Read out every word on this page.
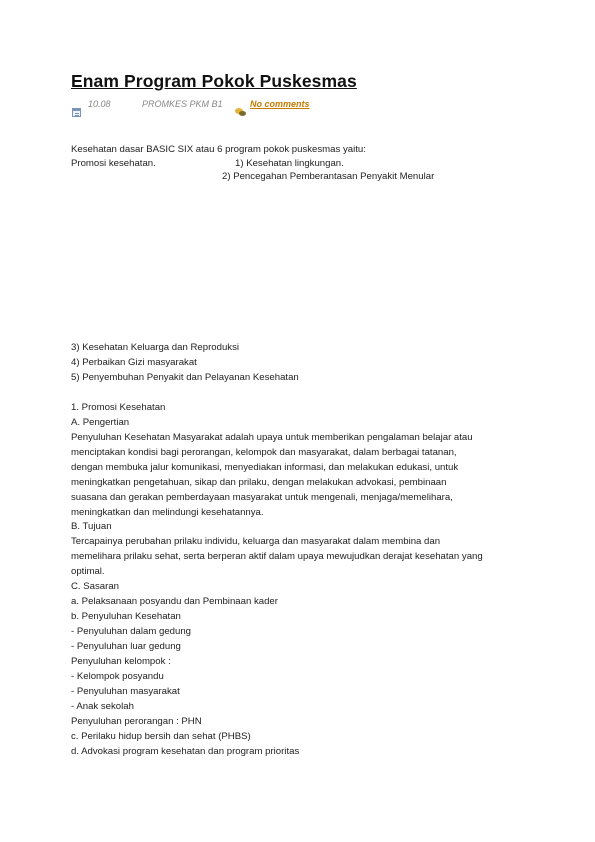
Enam Program Pokok Puskesmas
10.08	PROMKES PKM B1	No comments
Kesehatan dasar BASIC SIX atau 6 program pokok puskesmas yaitu:
Promosi kesehatan.	1) Kesehatan lingkungan.
2) Pencegahan Pemberantasan Penyakit Menular
3) Kesehatan Keluarga dan Reproduksi
4) Perbaikan Gizi masyarakat
5) Penyembuhan Penyakit dan Pelayanan Kesehatan
1. Promosi Kesehatan
A. Pengertian
Penyuluhan Kesehatan Masyarakat adalah upaya untuk memberikan pengalaman belajar atau
menciptakan kondisi bagi perorangan, kelompok dan masyarakat, dalam berbagai tatanan,
dengan membuka jalur komunikasi, menyediakan informasi, dan melakukan edukasi, untuk
meningkatkan pengetahuan, sikap dan prilaku, dengan melakukan advokasi, pembinaan
suasana dan gerakan pemberdayaan masyarakat untuk mengenali, menjaga/memelihara,
meningkatkan dan melindungi kesehatannya.
B. Tujuan
Tercapainya perubahan prilaku individu, keluarga dan masyarakat dalam membina dan
memelihara prilaku sehat, serta berperan aktif dalam upaya mewujudkan derajat kesehatan yang
optimal.
C. Sasaran
a. Pelaksanaan posyandu dan Pembinaan kader
b. Penyuluhan Kesehatan
- Penyuluhan dalam gedung
- Penyuluhan luar gedung
Penyuluhan kelompok :
- Kelompok posyandu
- Penyuluhan masyarakat
- Anak sekolah
Penyuluhan perorangan : PHN
c. Perilaku hidup bersih dan sehat (PHBS)
d. Advokasi program kesehatan dan program prioritas
